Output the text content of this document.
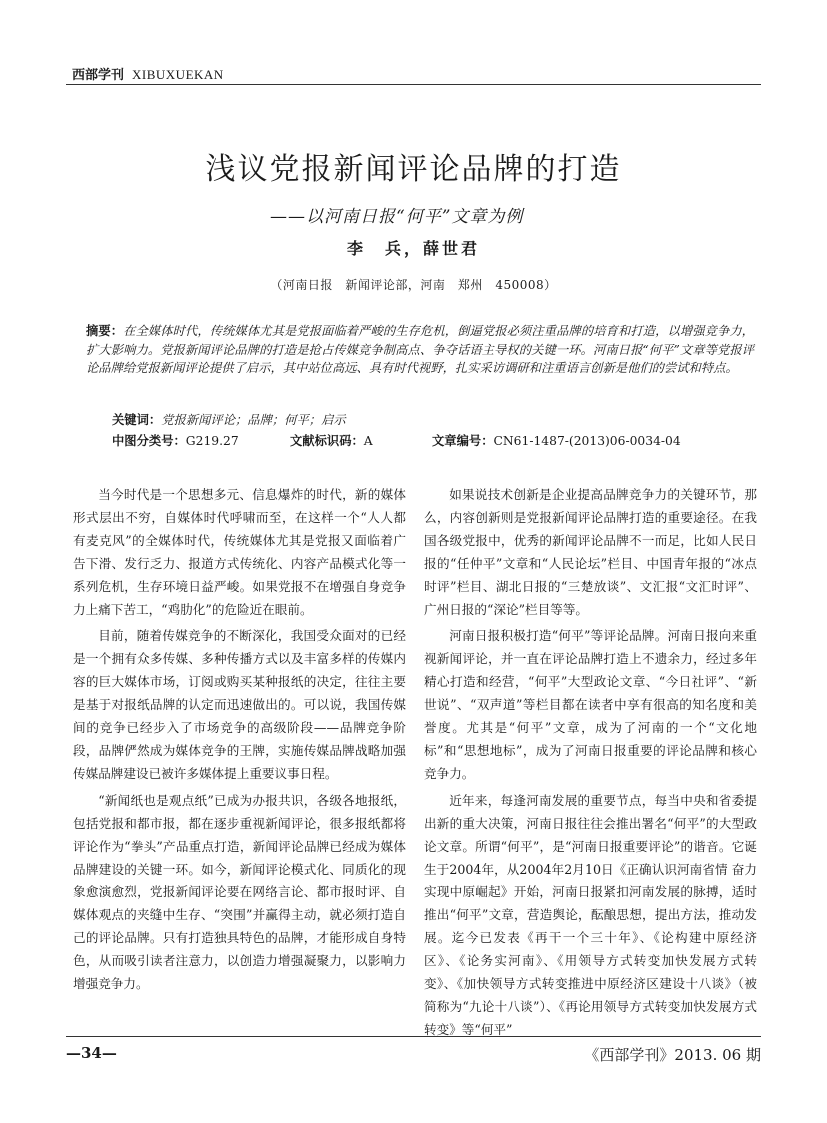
西部学刊 XIBUXUEKAN
浅议党报新闻评论品牌的打造
——以河南日报“何平”文章为例
李　兵，薛世君
（河南日报　新闻评论部，河南　郑州　450008）
摘要：在全媒体时代，传统媒体尤其是党报面临着严峻的生存危机，倒逼党报必须注重品牌的培育和打造，以增强竞争力，扩大影响力。党报新闻评论品牌的打造是抢占传媒竞争制高点、争夺话语主导权的关键一环。河南日报“何平”文章等党报评论品牌给党报新闻评论提供了启示，其中站位高远、具有时代视野，扎实采访调研和注重语言创新是他们的尝试和特点。
关键词：党报新闻评论；品牌；何平；启示
中图分类号：G219.27	文献标识码：A	文章编号：CN61-1487-(2013)06-0034-04

当今时代是一个思想多元、信息爆炸的时代，新的媒体形式层出不穷，自媒体时代呼啸而至，在这样一个“人人都有麦克风”的全媒体时代，传统媒体尤其是党报又面临着广告下滑、发行乏力、报道方式传统化、内容产品模式化等一系列危机，生存环境日益严峻。如果党报不在增强自身竞争力上痛下苦工，“鸡肋化”的危险近在眼前。

目前，随着传媒竞争的不断深化，我国受众面对的已经是一个拥有众多传媒、多种传播方式以及丰富多样的传媒内容的巨大媒体市场，订阅或购买某种报纸的决定，往往主要是基于对报纸品牌的认定而迅速做出的。可以说，我国传媒间的竞争已经步入了市场竞争的高级阶段——品牌竞争阶段，品牌俨然成为媒体竞争的王牌，实施传媒品牌战略加强传媒品牌建设已被许多媒体提上重要议事日程。

“新闻纸也是观点纸”已成为办报共识，各级各地报纸，包括党报和都市报，都在逐步重视新闻评论，很多报纸都将评论作为“拳头”产品重点打造，新闻评论品牌已经成为媒体品牌建设的关键一环。如今，新闻评论模式化、同质化的现象愈演愈烈，党报新闻评论要在网络言论、都市报时评、自媒体观点的夹缝中生存、“突围”并赢得主动，就必须打造自己的评论品牌。只有打造独具特色的品牌，才能形成自身特色，从而吸引读者注意力，以创造力增强凝聚力，以影响力增强竞争力。

如果说技术创新是企业提高品牌竞争力的关键环节，那么，内容创新则是党报新闻评论品牌打造的重要途径。在我国各级党报中，优秀的新闻评论品牌不一而足，比如人民日报的“任仲平”文章和“人民论坛”栏目、中国青年报的“冰点时评”栏目、湖北日报的“三楚放谈”、文汇报“文汇时评”、广州日报的“深论”栏目等等。

河南日报积极打造“何平”等评论品牌。河南日报向来重视新闻评论，并一直在评论品牌打造上不遗余力，经过多年精心打造和经营，“何平”大型政论文章、“今日社评”、“新世说”、“双声道”等栏目都在读者中享有很高的知名度和美誉度。尤其是“何平”文章，成为了河南的一个“文化地标”和“思想地标”，成为了河南日报重要的评论品牌和核心竞争力。

近年来，每逢河南发展的重要节点，每当中央和省委提出新的重大决策，河南日报往往会推出署名“何平”的大型政论文章。所谓“何平”，是“河南日报重要评论”的谐音。它诞生于2004年，从2004年2月10日《正确认识河南省情 奋力实现中原崛起》开始，河南日报紧扣河南发展的脉搏，适时推出“何平”文章，营造舆论，酝酿思想，提出方法，推动发展。迄今已发表《再干一个三十年》、《论构建中原经济区》、《论务实河南》、《用领导方式转变加快发展方式转变》、《加快领导方式转变推进中原经济区建设十八谈》（被简称为“九论十八谈”）、《再论用领导方式转变加快发展方式转变》等“何平”

—34—	《西部学刊》2013. 06 期
